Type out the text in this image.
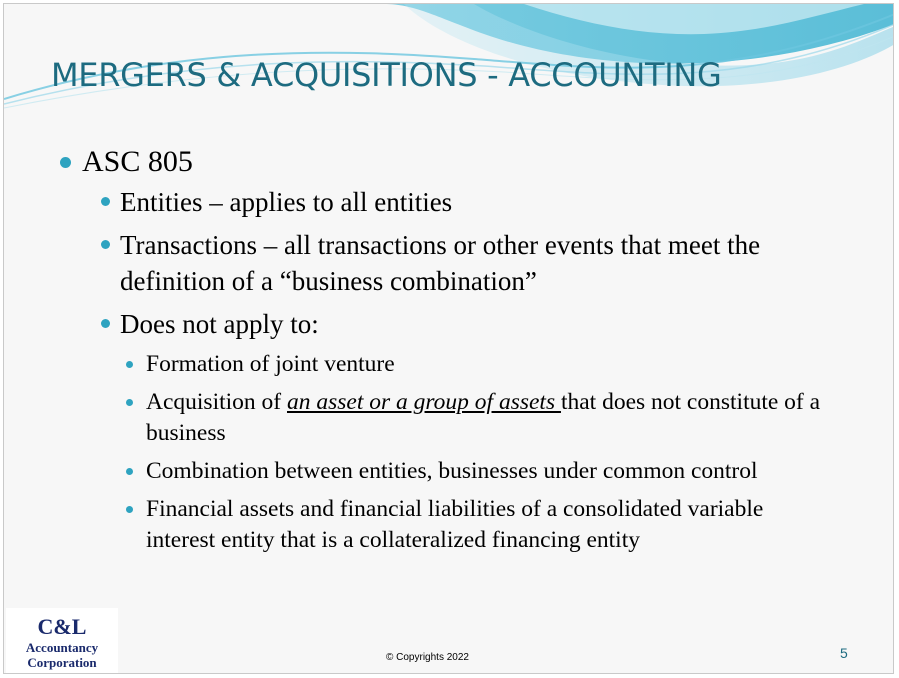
MERGERS & ACQUISITIONS - ACCOUNTING
ASC 805
Entities – applies to all entities
Transactions – all transactions or other events that meet the definition of a “business combination”
Does not apply to:
Formation of joint venture
Acquisition of an asset or a group of assets that does not constitute of a business
Combination between entities, businesses under common control
Financial assets and financial liabilities of a consolidated variable interest entity that is a collateralized financing entity
C&L
Accountancy
Corporation	© Copyrights 2022	5
